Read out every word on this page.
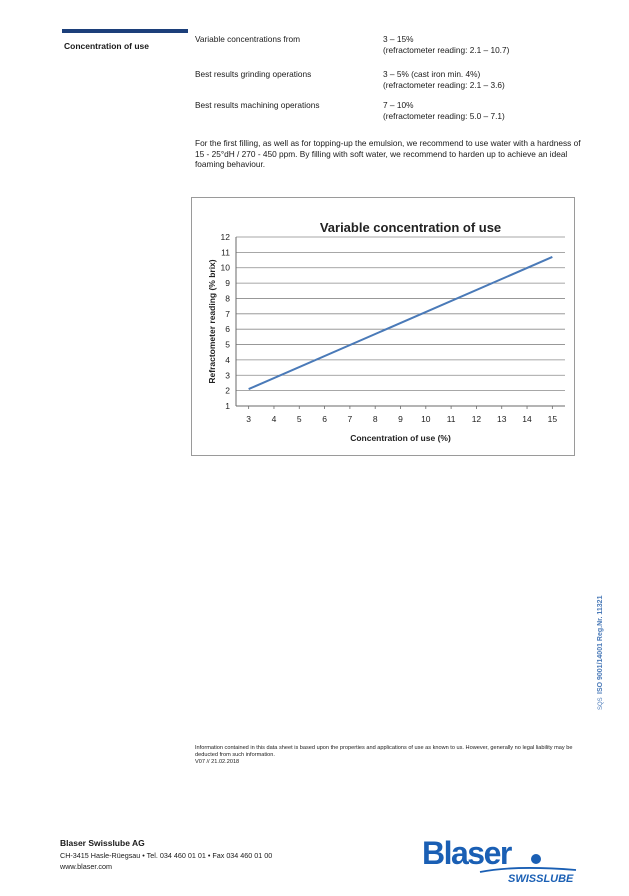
Concentration of use
Variable concentrations from	3 – 15%
(refractometer reading: 2.1 – 10.7)
Best results grinding operations	3 – 5% (cast iron min. 4%)
(refractometer reading: 2.1 – 3.6)
Best results machining operations	7 – 10%
(refractometer reading: 5.0 – 7.1)
For the first filling, as well as for topping-up the emulsion, we recommend to use water with a hardness of 15 - 25°dH / 270 - 450 ppm. By filling with soft water, we recommend to harden up to achieve an ideal foaming behaviour.
Variable concentration of use
1
2
3
4
5
6
7
8
9
10
11
12
3 4 5 6 7 8 9 10 11 12 13 14 15
Concentration of use (%)
Refractometer reading (% brix)
Information contained in this data sheet is based upon the properties and applications of use as known to us. However, generally no legal liability may be deducted from such information.
V07 // 21.02.2018
Blaser Swisslube AG
CH-3415 Hasle-Rüegsau • Tel. 034 460 01 01 • Fax 034 460 01 00
www.blaser.com
SQS
ISO 9001/14001 Reg.Nr. 11321
Blaser
SWISSLUBE
